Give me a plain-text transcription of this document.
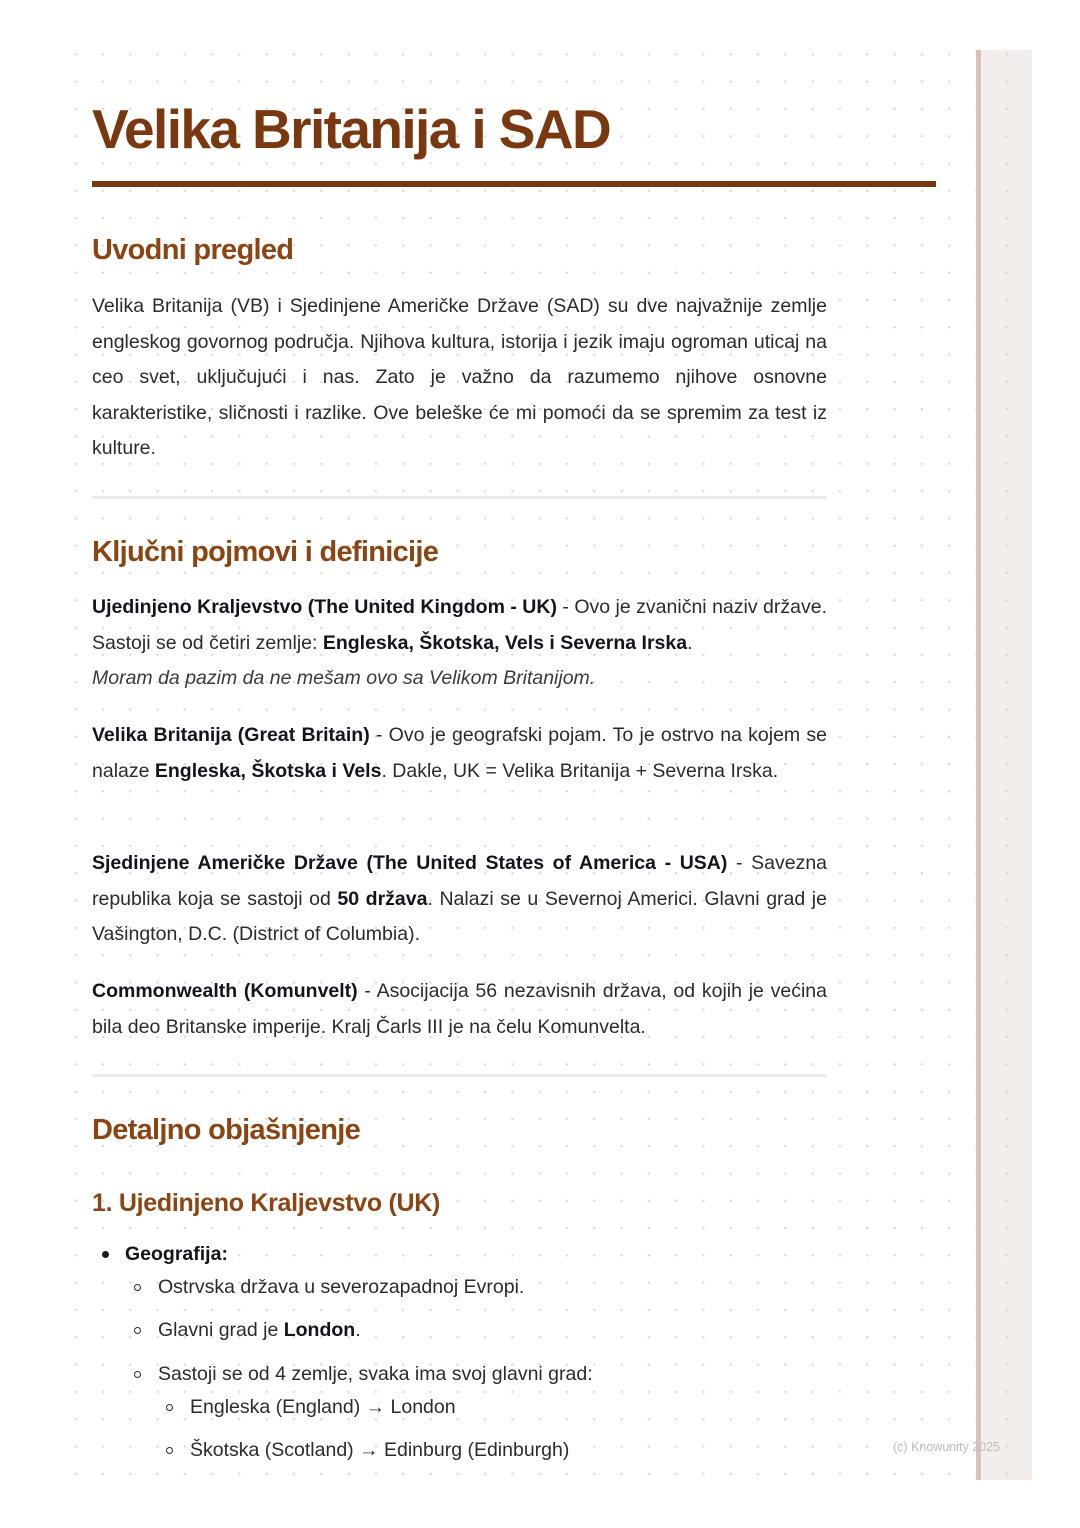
Velika Britanija i SAD
Uvodni pregled

Velika Britanija (VB) i Sjedinjene Američke Države (SAD) su dve najvažnije zemlje engleskog govornog područja. Njihova kultura, istorija i jezik imaju ogroman uticaj na ceo svet, uključujući i nas. Zato je važno da razumemo njihove osnovne karakteristike, sličnosti i razlike. Ove beleške će mi pomoći da se spremim za test iz kulture.

Ključni pojmovi i definicije

Ujedinjeno Kraljevstvo (The United Kingdom - UK) - Ovo je zvanični naziv države. Sastoji se od četiri zemlje: Engleska, Škotska, Vels i Severna Irska.

Moram da pazim da ne mešam ovo sa Velikom Britanijom.

Velika Britanija (Great Britain) - Ovo je geografski pojam. To je ostrvo na kojem se nalaze Engleska, Škotska i Vels. Dakle, UK = Velika Britanija + Severna Irska.

Sjedinjene Američke Države (The United States of America - USA) - Savezna republika koja se sastoji od 50 država. Nalazi se u Severnoj Americi. Glavni grad je Vašington, D.C. (District of Columbia).

Commonwealth (Komunvelt) - Asocijacija 56 nezavisnih država, od kojih je većina bila deo Britanske imperije. Kralj Čarls III je na čelu Komunvelta.

Detaljno objašnjenje
1. Ujedinjeno Kraljevstvo (UK)
Geografija:
Ostrvska država u severozapadnoj Evropi.
Glavni grad je London.
Sastoji se od 4 zemlje, svaka ima svoj glavni grad:
Engleska (England) → London
Škotska (Scotland) → Edinburg (Edinburgh)	(c) Knowunity 2025
